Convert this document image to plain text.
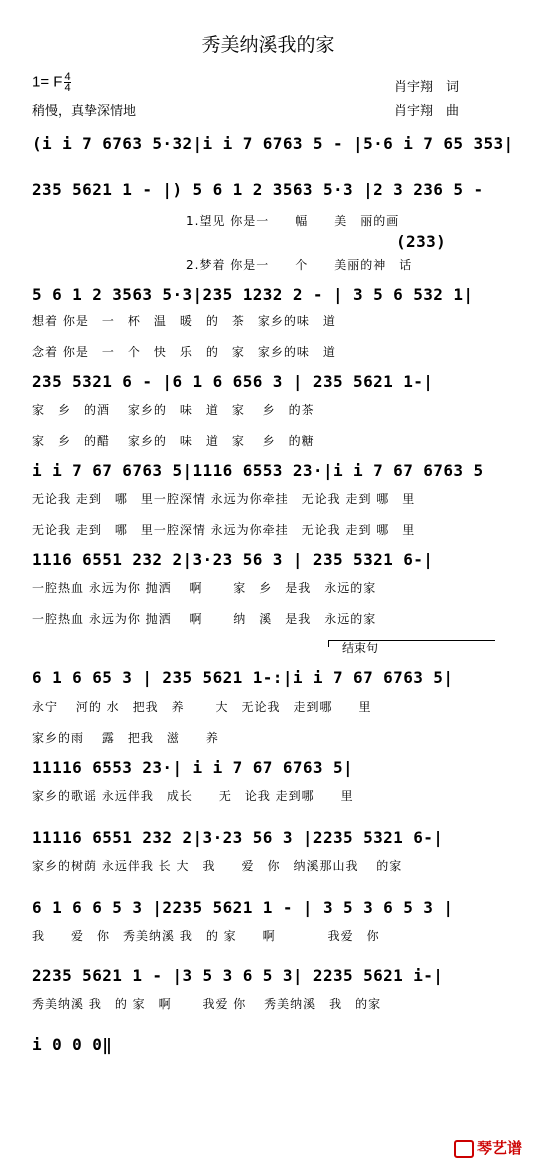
秀美纳溪我的家
1= F $\frac{4}{4}$
稍慢，真挚深情地
肖宇翔　词
肖宇翔　曲
(i i 7 6763 5·32|i i 7 6763 5 - |5·6 i 7 65 353|
235 5621 1 - |) 5 6 1 2 3563 5·3 |2 3 236 5 -
1.望见 你是一　　幅　　美　丽的画
(233)
2.梦着 你是一　　个　　美丽的神　话
5 6 1 2 3563 5·3|235 1232 2 - | 3 5 6 532 1|
想着 你是　一　杯　温　暖　的　茶　家乡的味　道
念着 你是　一　个　快　乐　的　家　家乡的味　道
235 5321 6 - |6 1 6 656 3 | 235 5621 1-|
家　乡　的酒　 家乡的　味　道　家　 乡　的茶
家　乡　的醋　 家乡的　味　道　家　 乡　的糖
i i 7 67 6763 5|1116 6553 23·|i i 7 67 6763 5
无论我 走到　哪　里一腔深情 永远为你牵挂　无论我 走到 哪　里
无论我 走到　哪　里一腔深情 永远为你牵挂　无论我 走到 哪　里
1116 6551 232 2|3·23 56 3 | 235 5321 6-|
一腔热血 永远为你 抛洒　 啊　　 家　乡　是我　永远的家
一腔热血 永远为你 抛洒　 啊　　 纳　溪　是我　永远的家
结束句
6 1 6 65 3 | 235 5621 1-:|i i 7 67 6763 5|
永宁　 河的 水　把我　养　　 大　无论我　走到哪　　里
家乡的雨　 露　把我　滋　　养
11116 6553 23·| i i 7 67 6763 5|
家乡的歌谣 永远伴我　成长　　无　论我 走到哪　　里
11116 6551 232 2|3·23 56 3 |2235 5321 6-|
家乡的树荫 永远伴我 长 大　我　　爱　你　纳溪那山我　 的家
6 1 6 6 5 3 |2235 5621 1 - | 3 5 3 6 5 3 |
我　　爱　你　秀美纳溪 我　的 家　　啊　　　　我爱　你
2235 5621 1 - |3 5 3 6 5 3| 2235 5621 i-|
秀美纳溪 我　的 家　啊　　 我爱 你　 秀美纳溪　我　的家
i 0 0 0‖
琴艺谱
